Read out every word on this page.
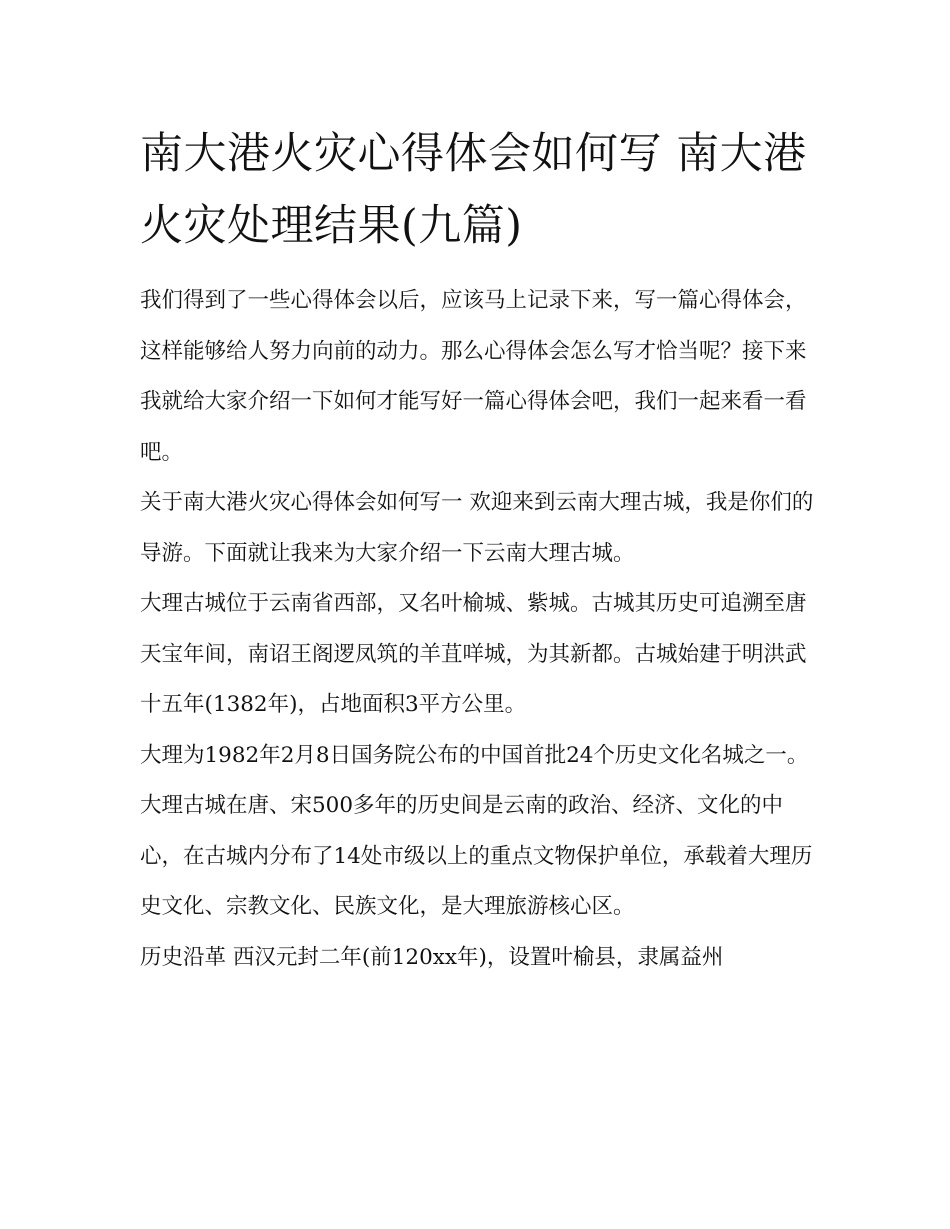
南大港火灾心得体会如何写 南大港火灾处理结果(九篇)

我们得到了一些心得体会以后，应该马上记录下来，写一篇心得体会，这样能够给人努力向前的动力。那么心得体会怎么写才恰当呢？接下来我就给大家介绍一下如何才能写好一篇心得体会吧，我们一起来看一看吧。

关于南大港火灾心得体会如何写一 欢迎来到云南大理古城，我是你们的导游。下面就让我来为大家介绍一下云南大理古城。

大理古城位于云南省西部，又名叶榆城、紫城。古城其历史可追溯至唐天宝年间，南诏王阁逻凤筑的羊苴咩城，为其新都。古城始建于明洪武十五年(1382年)，占地面积3平方公里。

大理为1982年2月8日国务院公布的中国首批24个历史文化名城之一。大理古城在唐、宋500多年的历史间是云南的政治、经济、文化的中心，在古城内分布了14处市级以上的重点文物保护单位，承载着大理历史文化、宗教文化、民族文化，是大理旅游核心区。

历史沿革 西汉元封二年(前120xx年)，设置叶榆县，隶属益州
